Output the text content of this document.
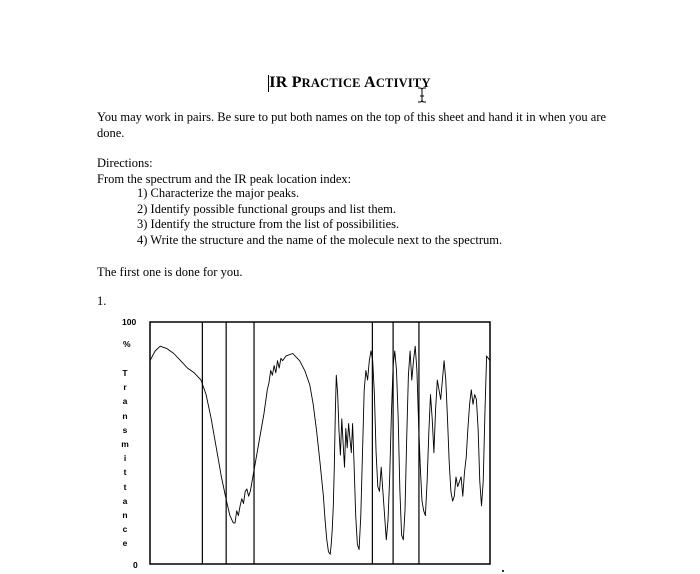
IR PRACTICE ACTIVITY
You may work in pairs. Be sure to put both names on the top of this sheet and hand it in when you are done.
Directions:
From the spectrum and the IR peak location index:
1) Characterize the major peaks.
2) Identify possible functional groups and list them.
3) Identify the structure from the list of possibilities.
4) Write the structure and the name of the molecule next to the spectrum.
The first one is done for you.
1.
100
%
0
T
r
a
n
s
m
i
t
t
a
n
c
e
